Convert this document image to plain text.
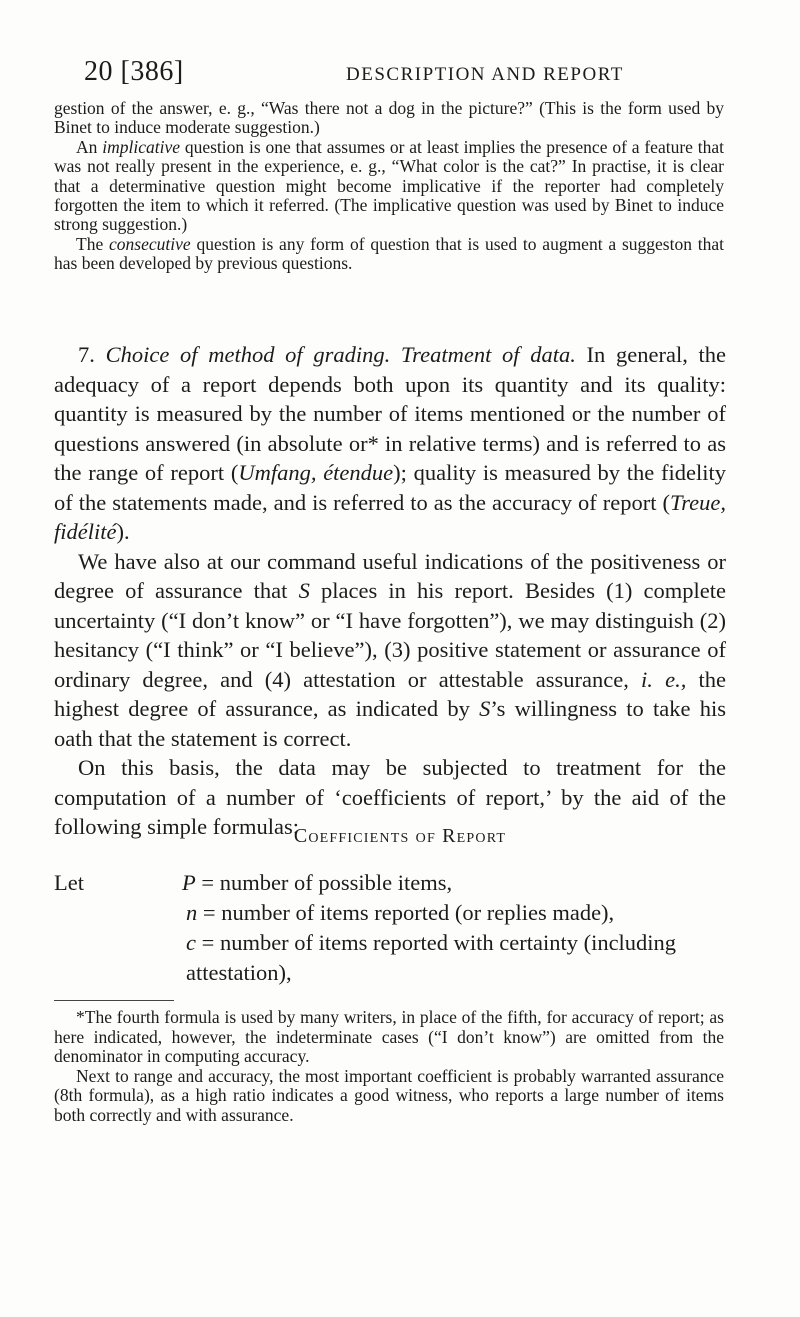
20 [386]	DESCRIPTION AND REPORT

gestion of the answer, e. g., “Was there not a dog in the picture?” (This is the form used by Binet to induce moderate suggestion.)

An implicative question is one that assumes or at least implies the presence of a feature that was not really present in the experience, e. g., “What color is the cat?” In practise, it is clear that a determinative question might become implicative if the reporter had completely forgotten the item to which it referred. (The implicative question was used by Binet to induce strong suggestion.)

The consecutive question is any form of question that is used to augment a suggeston that has been developed by previous questions.

7. Choice of method of grading. Treatment of data. In general, the adequacy of a report depends both upon its quantity and its quality: quantity is measured by the number of items mentioned or the number of questions answered (in absolute or* in relative terms) and is referred to as the range of report (Umfang, étendue); quality is measured by the fidelity of the statements made, and is referred to as the accuracy of report (Treue, fidélité).

We have also at our command useful indications of the positiveness or degree of assurance that S places in his report. Besides (1) complete uncertainty (“I don’t know” or “I have forgotten”), we may distinguish (2) hesitancy (“I think” or “I believe”), (3) positive statement or assurance of ordinary degree, and (4) attestation or attestable assurance, i. e., the highest degree of assurance, as indicated by S’s willingness to take his oath that the statement is correct.

On this basis, the data may be subjected to treatment for the computation of a number of ‘coefficients of report,’ by the aid of the following simple formulas:

Coefficients of Report
Let	P = number of possible items,
n = number of items reported (or replies made),
c = number of items reported with certainty (including attestation),

*The fourth formula is used by many writers, in place of the fifth, for accuracy of report; as here indicated, however, the indeterminate cases (“I don’t know”) are omitted from the denominator in computing accuracy.

Next to range and accuracy, the most important coefficient is probably warranted assurance (8th formula), as a high ratio indicates a good witness, who reports a large number of items both correctly and with assurance.
